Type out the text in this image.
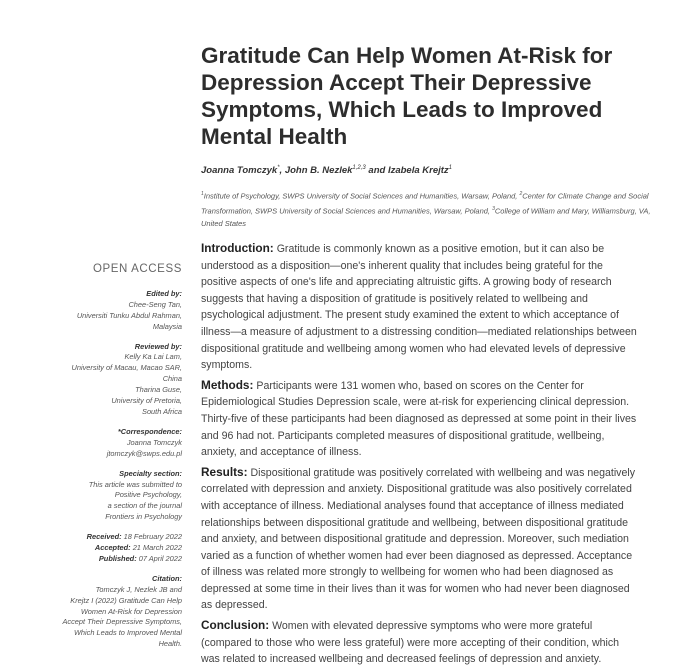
Gratitude Can Help Women At-Risk for Depression Accept Their Depressive Symptoms, Which Leads to Improved Mental Health
Joanna Tomczyk*, John B. Nezlek$^{1,2,3}$ and Izabela Krejtz$^1$
$^1$Institute of Psychology, SWPS University of Social Sciences and Humanities, Warsaw, Poland, $^2$Center for Climate Change and Social Transformation, SWPS University of Social Sciences and Humanities, Warsaw, Poland, $^3$College of William and Mary, Williamsburg, VA, United States
OPEN ACCESS
Edited by:
Chee-Seng Tan,
Universiti Tunku Abdul Rahman,
Malaysia
Reviewed by:
Kelly Ka Lai Lam,
University of Macau, Macao SAR,
China
Tharina Guse,
University of Pretoria,
South Africa
*Correspondence:
Joanna Tomczyk
jtomczyk@swps.edu.pl
Specialty section:
This article was submitted to
Positive Psychology,
a section of the journal
Frontiers in Psychology
Received: 18 February 2022
Accepted: 21 March 2022
Published: 07 April 2022
Citation:
Tomczyk J, Nezlek JB and
Krejtz I (2022) Gratitude Can Help
Women At-Risk for Depression
Accept Their Depressive Symptoms,
Which Leads to Improved Mental
Health.

Introduction: Gratitude is commonly known as a positive emotion, but it can also be understood as a disposition—one's inherent quality that includes being grateful for the positive aspects of one's life and appreciating altruistic gifts. A growing body of research suggests that having a disposition of gratitude is positively related to wellbeing and psychological adjustment. The present study examined the extent to which acceptance of illness—a measure of adjustment to a distressing condition—mediated relationships between dispositional gratitude and wellbeing among women who had elevated levels of depressive symptoms.

Methods: Participants were 131 women who, based on scores on the Center for Epidemiological Studies Depression scale, were at-risk for experiencing clinical depression. Thirty-five of these participants had been diagnosed as depressed at some point in their lives and 96 had not. Participants completed measures of dispositional gratitude, wellbeing, anxiety, and acceptance of illness.

Results: Dispositional gratitude was positively correlated with wellbeing and was negatively correlated with depression and anxiety. Dispositional gratitude was also positively correlated with acceptance of illness. Mediational analyses found that acceptance of illness mediated relationships between dispositional gratitude and wellbeing, between dispositional gratitude and anxiety, and between dispositional gratitude and depression. Moreover, such mediation varied as a function of whether women had ever been diagnosed as depressed. Acceptance of illness was related more strongly to wellbeing for women who had been diagnosed as depressed at some time in their lives than it was for women who had never been diagnosed as depressed.

Conclusion: Women with elevated depressive symptoms who were more grateful (compared to those who were less grateful) were more accepting of their condition, which was related to increased wellbeing and decreased feelings of depression and anxiety.
